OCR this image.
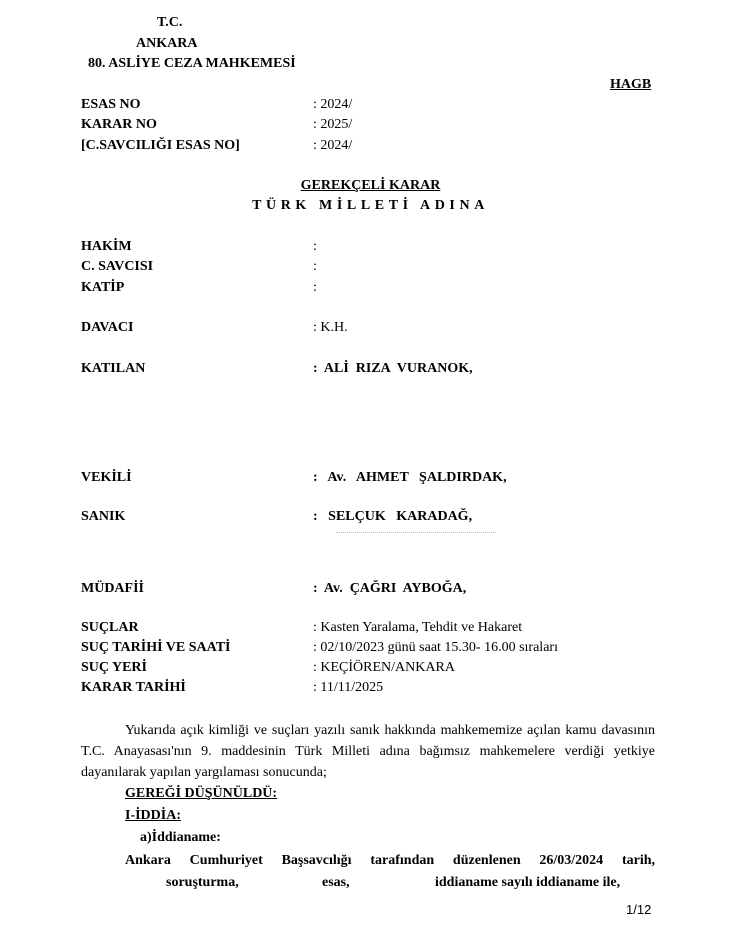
T.C.
ANKARA
80. ASLİYE CEZA MAHKEMESİ
HAGB
ESAS NO	: 2024/
KARAR NO	: 2025/
[C.SAVCILIĞI ESAS NO]	: 2024/
GEREKÇELİ KARAR
TÜRK MİLLETİ ADINA
HAKİM	:
C. SAVCISI	:
KATİP	:
DAVACI	: K.H.
KATILAN	:  ALİ  RIZA  VURANOK,
VEKİLİ	:   Av.   AHMET   ŞALDIRDAK,
SANIK	:   SELÇUK   KARADAĞ,
MÜDAFİİ	:  Av.  ÇAĞRI  AYBOĞA,
SUÇLAR	: Kasten Yaralama, Tehdit ve Hakaret
SUÇ TARİHİ VE SAATİ	: 02/10/2023 günü saat 15.30- 16.00 sıraları
SUÇ YERİ	: KEÇİÖREN/ANKARA
KARAR TARİHİ	: 11/11/2025
Yukarıda açık kimliği ve suçları yazılı sanık hakkında mahkememize açılan kamu davasının T.C. Anayasası'nın 9. maddesinin Türk Milleti adına bağımsız mahkemelere verdiği yetkiye dayanılarak yapılan yargılaması sonucunda;
GEREĞİ DÜŞÜNÜLDÜ:
I-İDDİA:
a)İddianame:
Ankara Cumhuriyet Başsavcılığı tarafından düzenlenen 26/03/2024 tarih,
soruşturma,	esas,	iddianame sayılı iddianame ile,
1/12
